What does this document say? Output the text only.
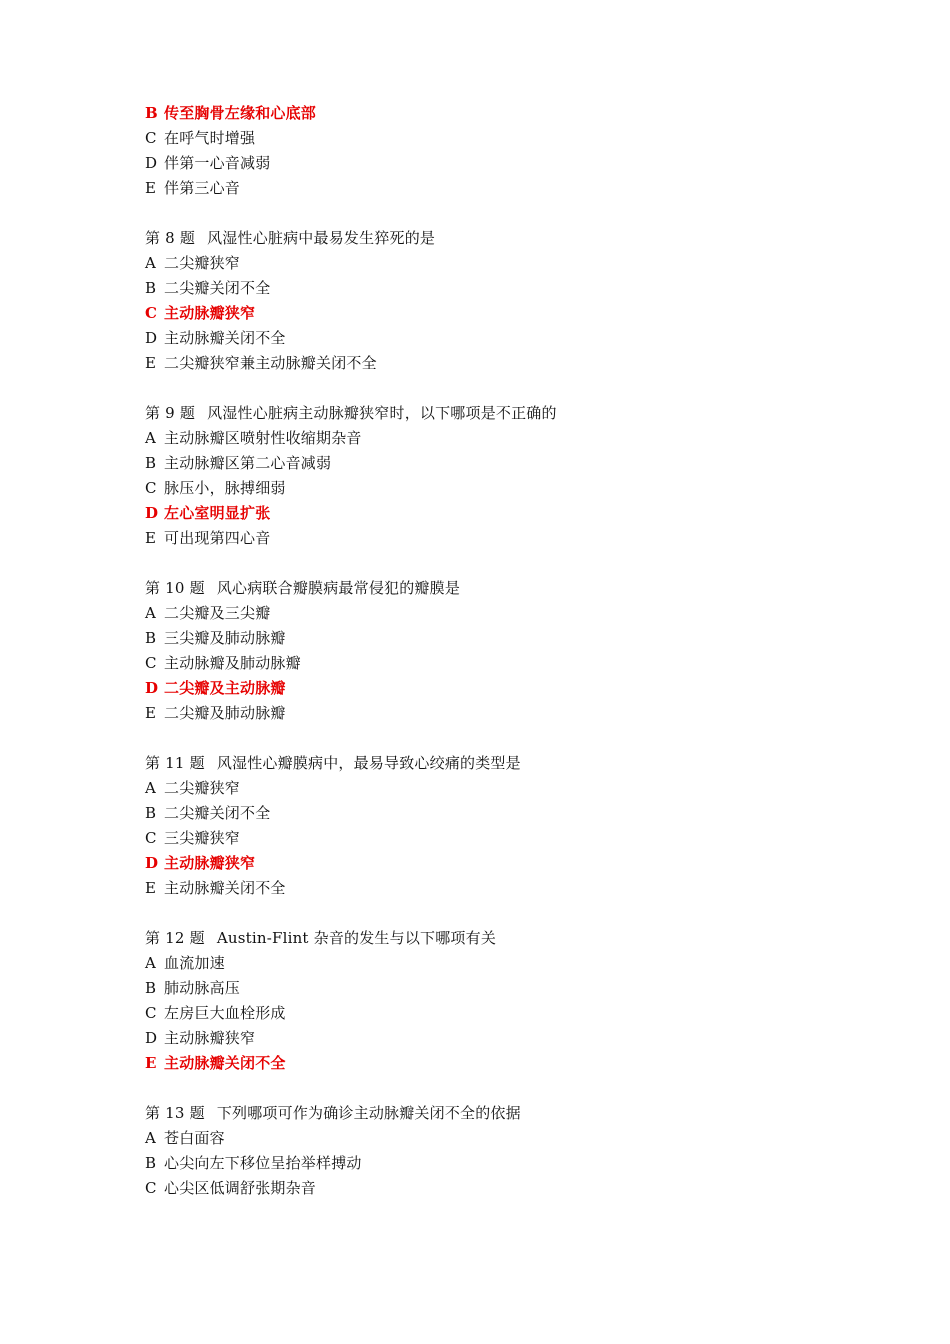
B 传至胸骨左缘和心底部
C 在呼气时增强
D 伴第一心音减弱
E 伴第三心音
第 8 题 风湿性心脏病中最易发生猝死的是
A 二尖瓣狭窄
B 二尖瓣关闭不全
C 主动脉瓣狭窄
D 主动脉瓣关闭不全
E 二尖瓣狭窄兼主动脉瓣关闭不全
第 9 题 风湿性心脏病主动脉瓣狭窄时，以下哪项是不正确的
A 主动脉瓣区喷射性收缩期杂音
B 主动脉瓣区第二心音减弱
C 脉压小，脉搏细弱
D 左心室明显扩张
E 可出现第四心音
第 10 题 风心病联合瓣膜病最常侵犯的瓣膜是
A 二尖瓣及三尖瓣
B 三尖瓣及肺动脉瓣
C 主动脉瓣及肺动脉瓣
D 二尖瓣及主动脉瓣
E 二尖瓣及肺动脉瓣
第 11 题 风湿性心瓣膜病中，最易导致心绞痛的类型是
A 二尖瓣狭窄
B 二尖瓣关闭不全
C 三尖瓣狭窄
D 主动脉瓣狭窄
E 主动脉瓣关闭不全
第 12 题 Austin-Flint 杂音的发生与以下哪项有关
A 血流加速
B 肺动脉高压
C 左房巨大血栓形成
D 主动脉瓣狭窄
E 主动脉瓣关闭不全
第 13 题 下列哪项可作为确诊主动脉瓣关闭不全的依据
A 苍白面容
B 心尖向左下移位呈抬举样搏动
C 心尖区低调舒张期杂音
